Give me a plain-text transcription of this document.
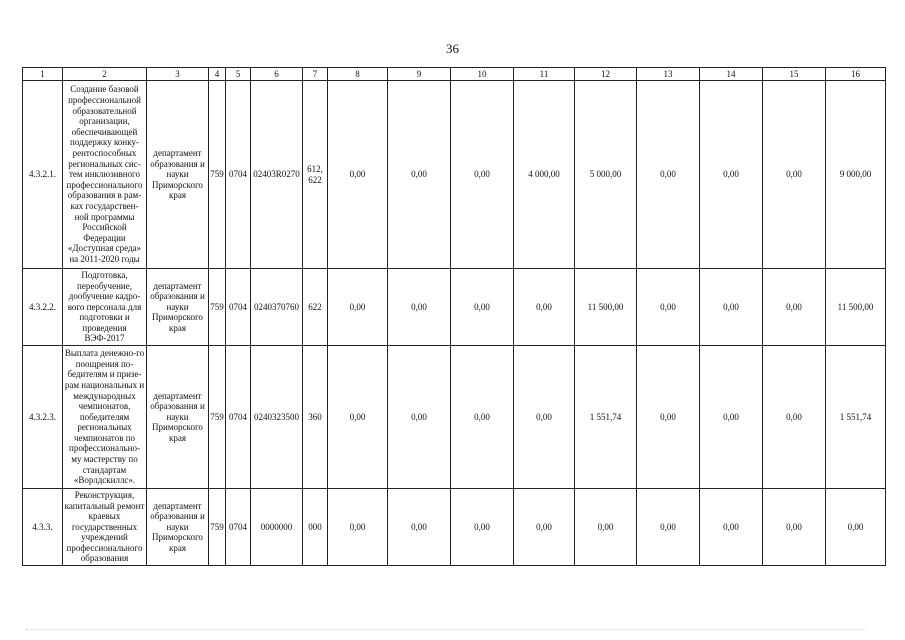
36
1	2	3	4	5	6	7	8	9	10	11	12	13	14	15	16
4.3.2.1.	Создание базовой профессиональной образовательной организации, обеспечивающей поддержку конку-рентоспособных региональных сис-тем инклюзивного профессионального образования в рам-ках государствен-ной программы Российской Федерации «Доступная среда» на 2011-2020 годы	департамент образования и науки Приморского края	759	0704	02403R0270	612, 622	0,00	0,00	0,00	4 000,00	5 000,00	0,00	0,00	0,00	9 000,00
4.3.2.2.	Подготовка, переобучение, дообучение кадро-вого персонала для подготовки и проведения ВЭФ-2017	департамент образования и науки Приморского края	759	0704	0240370760	622	0,00	0,00	0,00	0,00	11 500,00	0,00	0,00	0,00	11 500,00
4.3.2.3.	Выплата денежно-го поощрения по-бедителям и призе-рам национальных и международных чемпионатов, победителям региональных чемпионатов по профессионально-му мастерству по стандартам «Ворлдскиллс».	департамент образования и науки Приморского края	759	0704	0240323500	360	0,00	0,00	0,00	0,00	1 551,74	0,00	0,00	0,00	1 551,74
4.3.3.	Реконструкция, капитальный ремонт краевых государственных учреждений профессионального образования	департамент образования и науки Приморского края	759	0704	0000000	000	0,00	0,00	0,00	0,00	0,00	0,00	0,00	0,00	0,00
